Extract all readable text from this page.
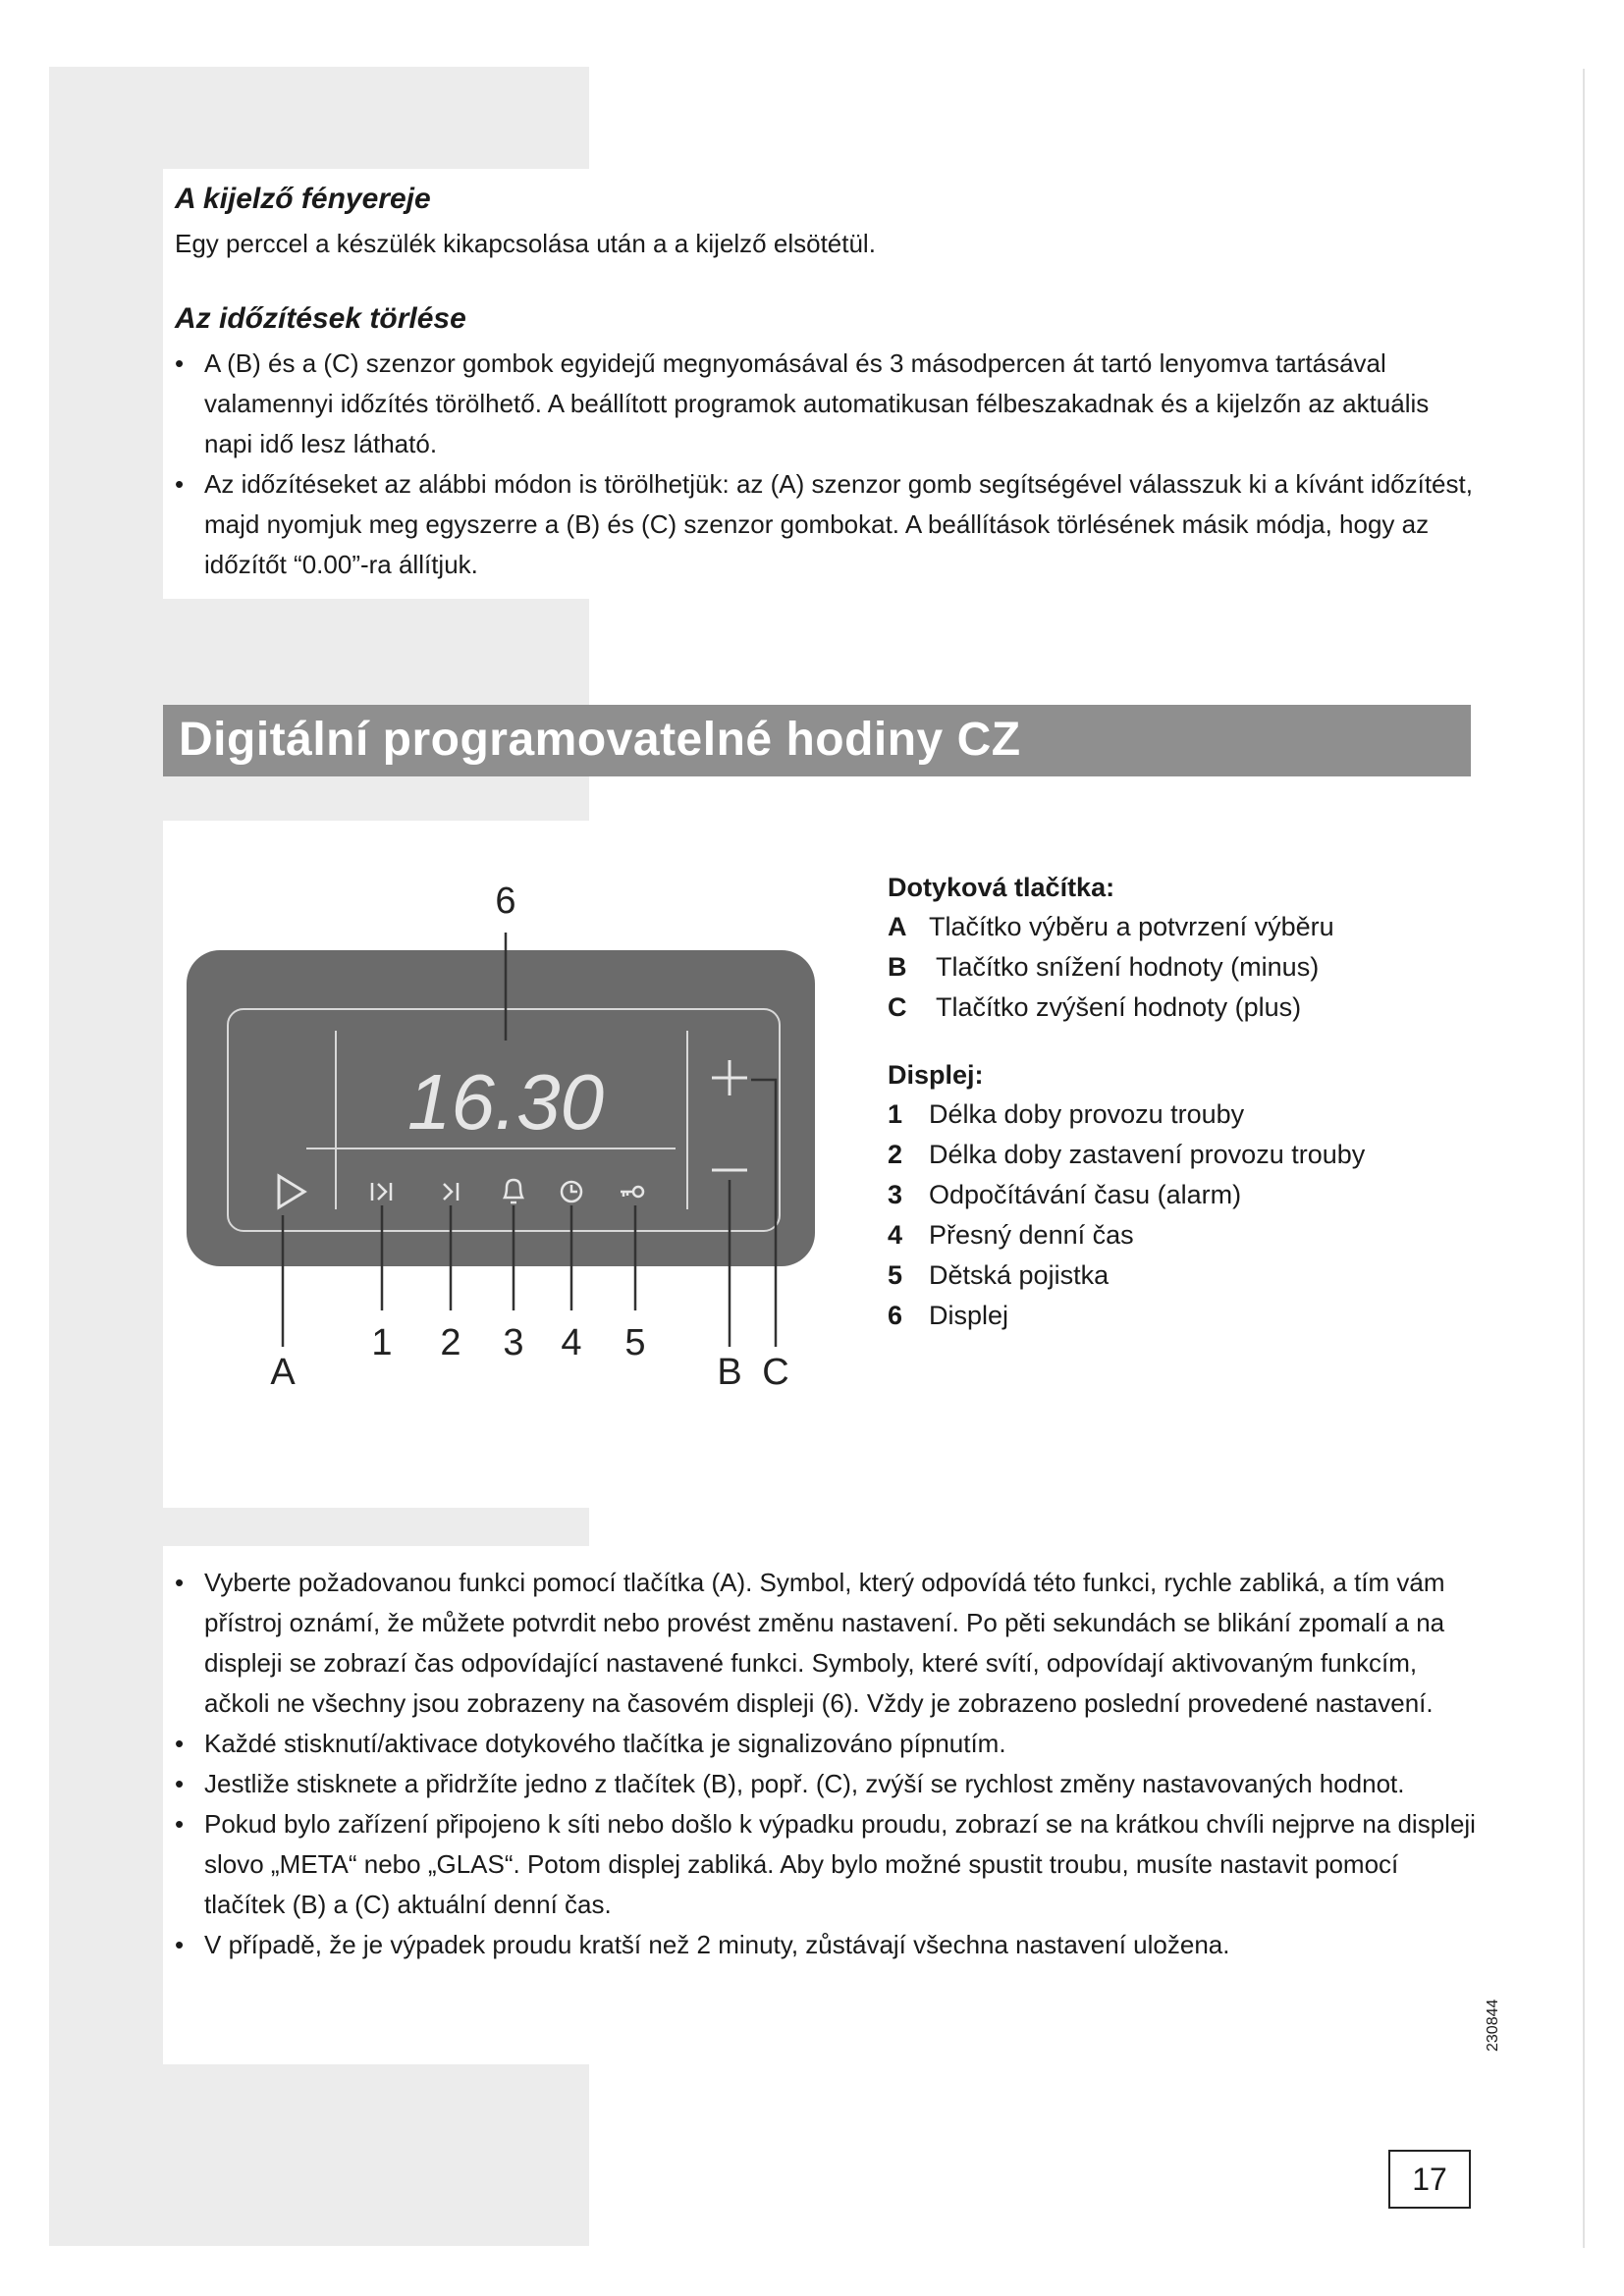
A kijelző fényereje

Egy perccel a készülék kikapcsolása után a a kijelző elsötétül.

Az időzítések törlése
• A (B) és a (C) szenzor gombok egyidejű megnyomásával és 3 másodpercen át tartó lenyomva tartásával valamennyi időzítés törölhető. A beállított programok automatikusan félbeszakadnak és a kijelzőn az aktuális napi idő lesz látható.
• Az időzítéseket az alábbi módon is törölhetjük: az (A) szenzor gomb segítségével válasszuk ki a kívánt időzítést, majd nyomjuk meg egyszerre a (B) és (C) szenzor gombokat. A beállítások törlésének másik módja, hogy az időzítőt “0.00”-ra állítjuk.
Digitální programovatelné hodiny CZ
16.30
6
A
1 2 3 4 5
B C
Dotyková tlačítka:
A Tlačítko výběru a potvrzení výběru
B Tlačítko snížení hodnoty (minus)
C Tlačítko zvýšení hodnoty (plus)
Displej:
1 Délka doby provozu trouby
2 Délka doby zastavení provozu trouby
3 Odpočítávání času (alarm)
4 Přesný denní čas
5 Dětská pojistka
6 Displej
• Vyberte požadovanou funkci pomocí tlačítka (A). Symbol, který odpovídá této funkci, rychle zabliká, a tím vám přístroj oznámí, že můžete potvrdit nebo provést změnu nastavení. Po pěti sekundách se blikání zpomalí a na displeji se zobrazí čas odpovídající nastavené funkci. Symboly, které svítí, odpovídají aktivovaným funkcím, ačkoli ne všechny jsou zobrazeny na časovém displeji (6). Vždy je zobrazeno poslední provedené nastavení.
• Každé stisknutí/aktivace dotykového tlačítka je signalizováno pípnutím.
• Jestliže stisknete a přidržíte jedno z tlačítek (B), popř. (C), zvýší se rychlost změny nastavovaných hodnot.
• Pokud bylo zařízení připojeno k síti nebo došlo k výpadku proudu, zobrazí se na krátkou chvíli nejprve na displeji slovo „META“ nebo „GLAS“. Potom displej zabliká. Aby bylo možné spustit troubu, musíte nastavit pomocí tlačítek (B) a (C) aktuální denní čas.
• V případě, že je výpadek proudu kratší než 2 minuty, zůstávají všechna nastavení uložena.
230844
17
